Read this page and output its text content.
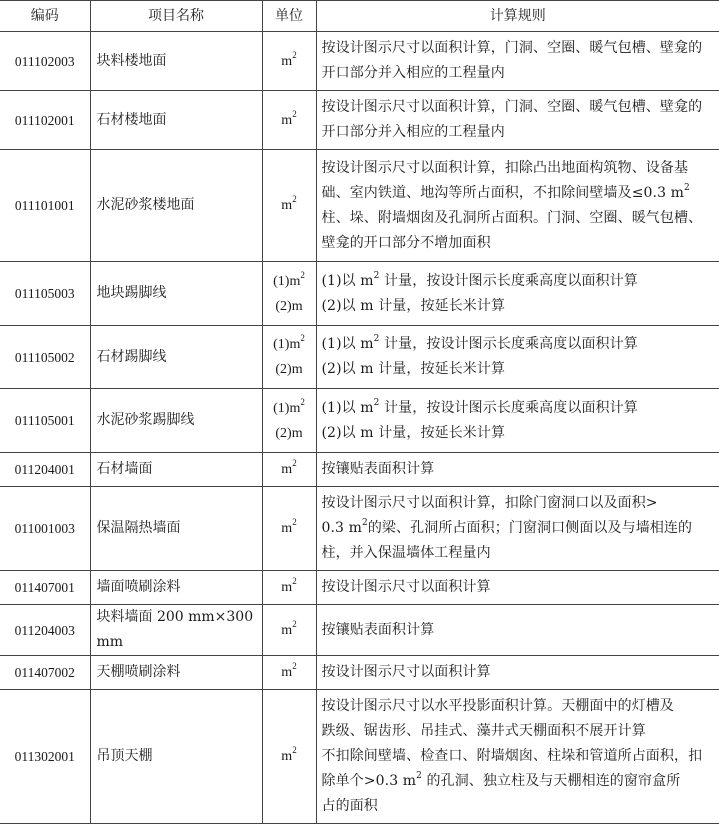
编码	项目名称	单位	计算规则
011102003	块料楼地面	$m^2$	按设计图示尺寸以面积计算，门洞、空圈、暖气包槽、壁龛的
开口部分并入相应的工程量内

011102001	石材楼地面	$m^2$	按设计图示尺寸以面积计算，门洞、空圈、暖气包槽、壁龛的
开口部分并入相应的工程量内

011101001	水泥砂浆楼地面	$m^2$	按设计图示尺寸以面积计算，扣除凸出地面构筑物、设备基
础、室内铁道、地沟等所占面积，不扣除间壁墙及≤0.3 $m^2$
柱、垛、附墙烟囱及孔洞所占面积。门洞、空圈、暖气包槽、
壁龛的开口部分不增加面积

011105003	地块踢脚线	$(1)m^2$
(2)m	(1)以 $m^2$ 计量，按设计图示长度乘高度以面积计算
(2)以 m 计量，按延长米计算

011105002	石材踢脚线	$(1)m^2$
(2)m	(1)以 $m^2$ 计量，按设计图示长度乘高度以面积计算
(2)以 m 计量，按延长米计算

011105001	水泥砂浆踢脚线	$(1)m^2$
(2)m	(1)以 $m^2$ 计量，按设计图示长度乘高度以面积计算
(2)以 m 计量，按延长米计算

011204001	石材墙面	$m^2$	按镶贴表面积计算

011001003	保温隔热墙面	$m^2$	按设计图示尺寸以面积计算，扣除门窗洞口以及面积>
0.3 $m^2$的梁、孔洞所占面积；门窗洞口侧面以及与墙相连的
柱，并入保温墙体工程量内

011407001	墙面喷刷涂料	$m^2$	按设计图示尺寸以面积计算

011204003	块料墙面 200 mm×300 mm	$m^2$	按镶贴表面积计算

011407002	天棚喷刷涂料	$m^2$	按设计图示尺寸以面积计算

011302001	吊顶天棚	$m^2$	按设计图示尺寸以水平投影面积计算。天棚面中的灯槽及
跌级、锯齿形、吊挂式、藻井式天棚面积不展开计算
不扣除间壁墙、检查口、附墙烟囱、柱垛和管道所占面积，扣
除单个>0.3 $m^2$ 的孔洞、独立柱及与天棚相连的窗帘盒所
占的面积
